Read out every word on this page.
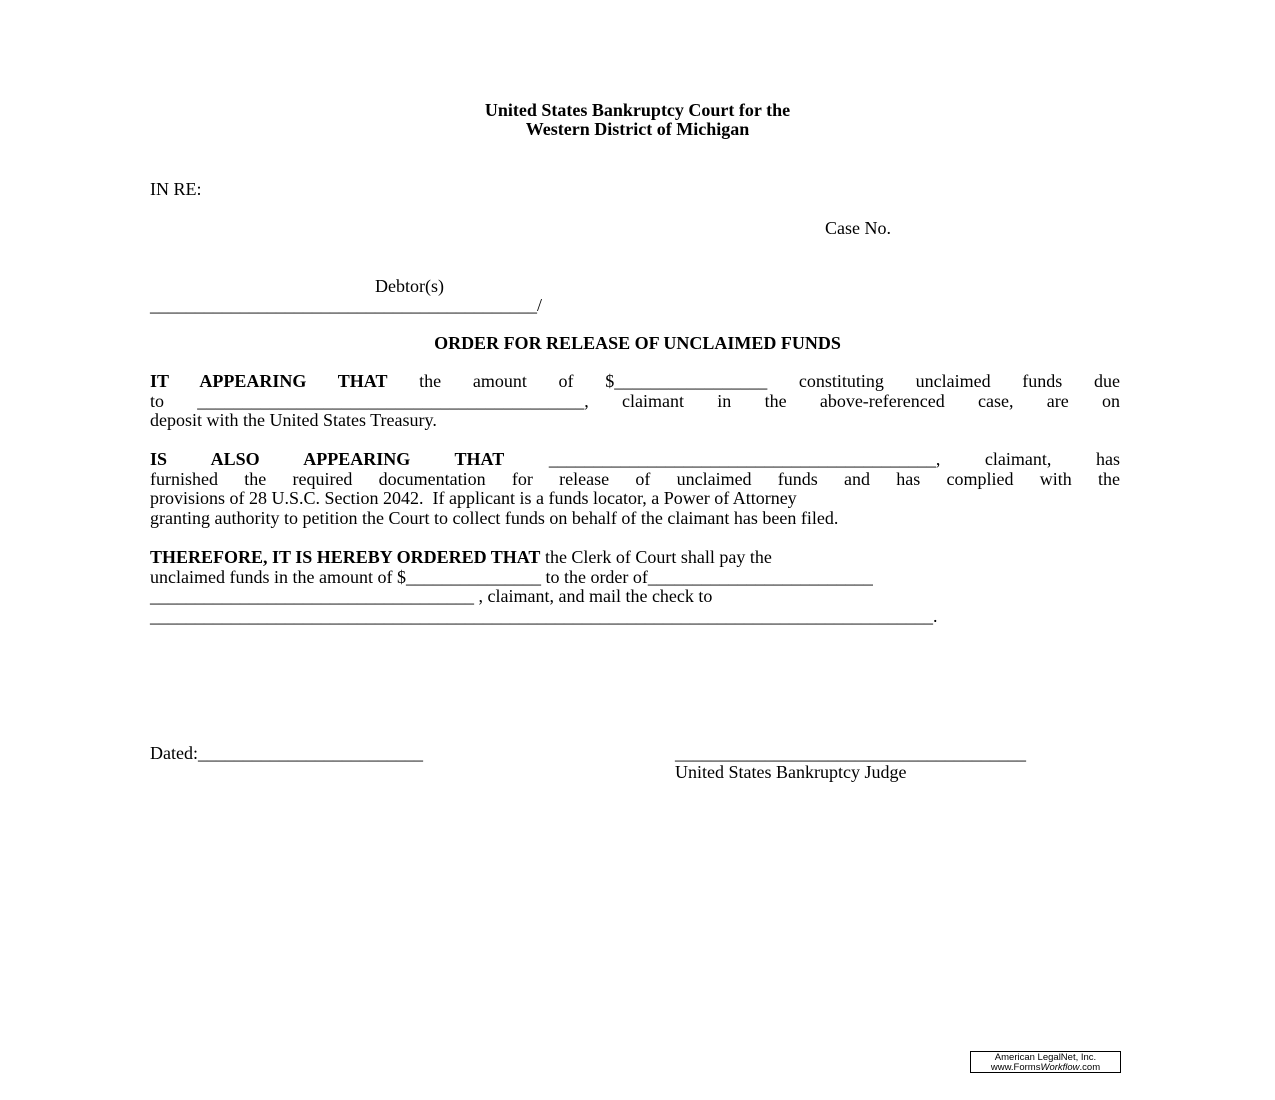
United States Bankruptcy Court for the
Western District of Michigan
IN RE:
Case No.
Debtor(s)
___________________________________________/
ORDER FOR RELEASE OF UNCLAIMED FUNDS
IT APPEARING THAT the amount of $_________________ constituting unclaimed funds due
to ___________________________________________, claimant in the above-referenced case, are on
deposit with the United States Treasury.
IS ALSO APPEARING THAT ___________________________________________, claimant, has
furnished the required documentation for release of unclaimed funds and has complied with the
provisions of 28 U.S.C. Section 2042.  If applicant is a funds locator, a Power of Attorney
granting authority to petition the Court to collect funds on behalf of the claimant has been filed.
THEREFORE, IT IS HEREBY ORDERED THAT the Clerk of Court shall pay the
unclaimed funds in the amount of $_______________ to the order of_________________________
____________________________________ , claimant, and mail the check to
_______________________________________________________________________________________.
Dated:_________________________	_______________________________________
United States Bankruptcy Judge
American LegalNet, Inc.
www.FormsWorkflow.com
